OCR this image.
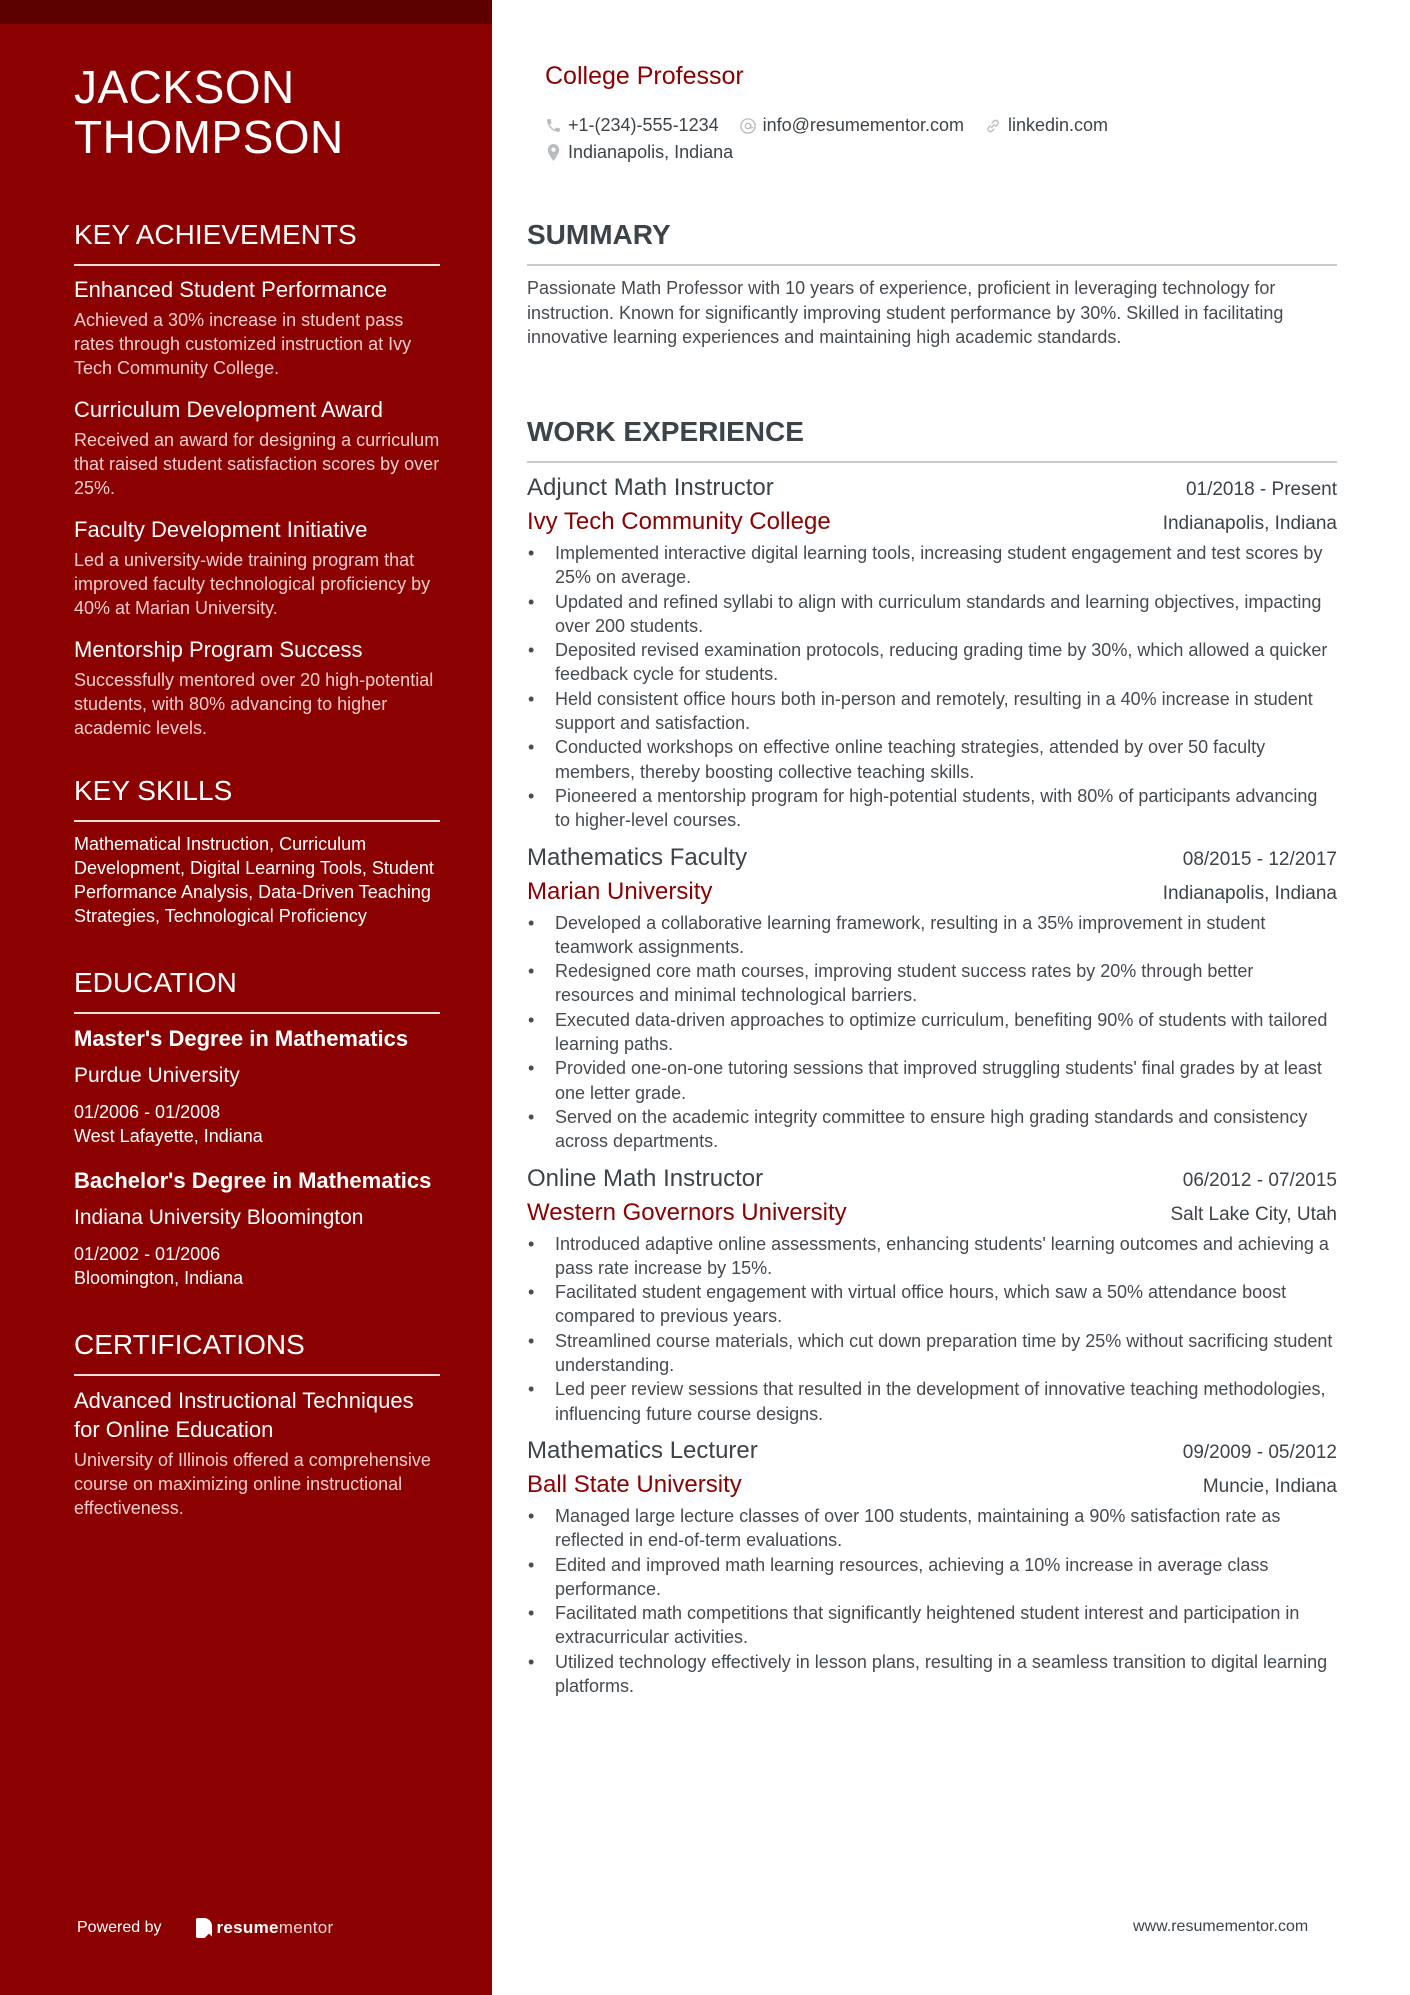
JACKSON
THOMPSON
KEY ACHIEVEMENTS
Enhanced Student Performance
Achieved a 30% increase in student pass rates through customized instruction at Ivy Tech Community College.
Curriculum Development Award
Received an award for designing a curriculum that raised student satisfaction scores by over 25%.
Faculty Development Initiative
Led a university-wide training program that improved faculty technological proficiency by 40% at Marian University.
Mentorship Program Success
Successfully mentored over 20 high-potential students, with 80% advancing to higher academic levels.
KEY SKILLS
Mathematical Instruction, Curriculum Development, Digital Learning Tools, Student Performance Analysis, Data-Driven Teaching Strategies, Technological Proficiency
EDUCATION
Master's Degree in Mathematics
Purdue University
01/2006 - 01/2008
West Lafayette, Indiana
Bachelor's Degree in Mathematics
Indiana University Bloomington
01/2002 - 01/2006
Bloomington, Indiana
CERTIFICATIONS
Advanced Instructional Techniques for Online Education
University of Illinois offered a comprehensive course on maximizing online instructional effectiveness.
Powered by	resume mentor
College Professor
+1-(234)-555-1234 info@resumementor.com linkedin.com
Indianapolis, Indiana
SUMMARY

Passionate Math Professor with 10 years of experience, proficient in leveraging technology for instruction. Known for significantly improving student performance by 30%. Skilled in facilitating innovative learning experiences and maintaining high academic standards.

WORK EXPERIENCE
Adjunct Math Instructor	01/2018 - Present
Ivy Tech Community College	Indianapolis, Indiana
• Implemented interactive digital learning tools, increasing student engagement and test scores by 25% on average.
• Updated and refined syllabi to align with curriculum standards and learning objectives, impacting over 200 students.
• Deposited revised examination protocols, reducing grading time by 30%, which allowed a quicker feedback cycle for students.
• Held consistent office hours both in-person and remotely, resulting in a 40% increase in student support and satisfaction.
• Conducted workshops on effective online teaching strategies, attended by over 50 faculty members, thereby boosting collective teaching skills.
• Pioneered a mentorship program for high-potential students, with 80% of participants advancing to higher-level courses.
Mathematics Faculty	08/2015 - 12/2017
Marian University	Indianapolis, Indiana
• Developed a collaborative learning framework, resulting in a 35% improvement in student teamwork assignments.
• Redesigned core math courses, improving student success rates by 20% through better resources and minimal technological barriers.
• Executed data-driven approaches to optimize curriculum, benefiting 90% of students with tailored learning paths.
• Provided one-on-one tutoring sessions that improved struggling students' final grades by at least one letter grade.
• Served on the academic integrity committee to ensure high grading standards and consistency across departments.
Online Math Instructor	06/2012 - 07/2015
Western Governors University	Salt Lake City, Utah
• Introduced adaptive online assessments, enhancing students' learning outcomes and achieving a pass rate increase by 15%.
• Facilitated student engagement with virtual office hours, which saw a 50% attendance boost compared to previous years.
• Streamlined course materials, which cut down preparation time by 25% without sacrificing student understanding.
• Led peer review sessions that resulted in the development of innovative teaching methodologies, influencing future course designs.
Mathematics Lecturer	09/2009 - 05/2012
Ball State University	Muncie, Indiana
• Managed large lecture classes of over 100 students, maintaining a 90% satisfaction rate as reflected in end-of-term evaluations.
• Edited and improved math learning resources, achieving a 10% increase in average class performance.
• Facilitated math competitions that significantly heightened student interest and participation in extracurricular activities.
• Utilized technology effectively in lesson plans, resulting in a seamless transition to digital learning platforms.
www.resumementor.com
